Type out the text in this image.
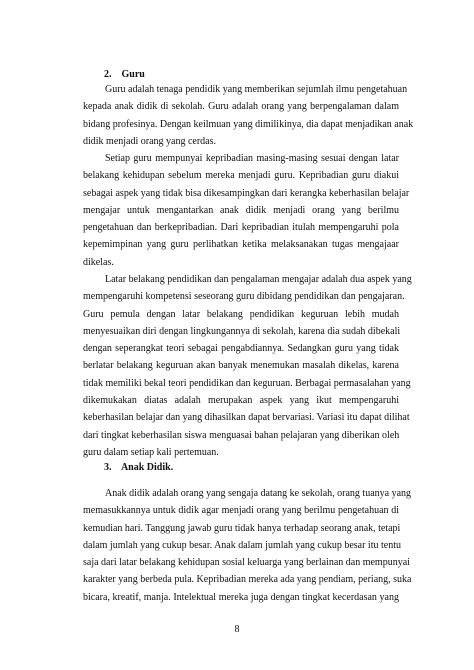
2. Guru
Guru adalah tenaga pendidik yang memberikan sejumlah ilmu pengetahuan
kepada anak didik di sekolah. Guru adalah orang yang berpengalaman dalam
bidang profesinya. Dengan keilmuan yang dimilikinya, dia dapat menjadikan anak
didik menjadi orang yang cerdas.
Setiap guru mempunyai kepribadian masing-masing sesuai dengan latar
belakang kehidupan sebelum mereka menjadi guru. Kepribadian guru diakui
sebagai aspek yang tidak bisa dikesampingkan dari kerangka keberhasilan belajar
mengajar untuk mengantarkan anak didik menjadi orang yang berilmu
pengetahuan dan berkepribadian. Dari kepribadian itulah mempengaruhi pola
kepemimpinan yang guru perlihatkan ketika melaksanakan tugas mengajaar
dikelas.
Latar belakang pendidikan dan pengalaman mengajar adalah dua aspek yang
mempengaruhi kompetensi seseorang guru dibidang pendidikan dan pengajaran.
Guru pemula dengan latar belakang pendidikan keguruan lebih mudah
menyesuaikan diri dengan lingkungannya di sekolah, karena dia sudah dibekali
dengan seperangkat teori sebagai pengabdiannya. Sedangkan guru yang tidak
berlatar belakang keguruan akan banyak menemukan masalah dikelas, karena
tidak memiliki bekal teori pendidikan dan keguruan. Berbagai permasalahan yang
dikemukakan diatas adalah merupakan aspek yang ikut mempengaruhi
keberhasilan belajar dan yang dihasilkan dapat bervariasi. Variasi itu dapat dilihat
dari tingkat keberhasilan siswa menguasai bahan pelajaran yang diberikan oleh
guru dalam setiap kali pertemuan.
3. Anak Didik.
Anak didik adalah orang yang sengaja datang ke sekolah, orang tuanya yang
memasukkannya untuk didik agar menjadi orang yang berilmu pengetahuan di
kemudian hari. Tanggung jawab guru tidak hanya terhadap seorang anak, tetapi
dalam jumlah yang cukup besar. Anak dalam jumlah yang cukup besar itu tentu
saja dari latar belakang kehidupan sosial keluarga yang berlainan dan mempunyai
karakter yang berbeda pula. Kepribadian mereka ada yang pendiam, periang, suka
bicara, kreatif, manja. Intelektual mereka juga dengan tingkat kecerdasan yang
8
